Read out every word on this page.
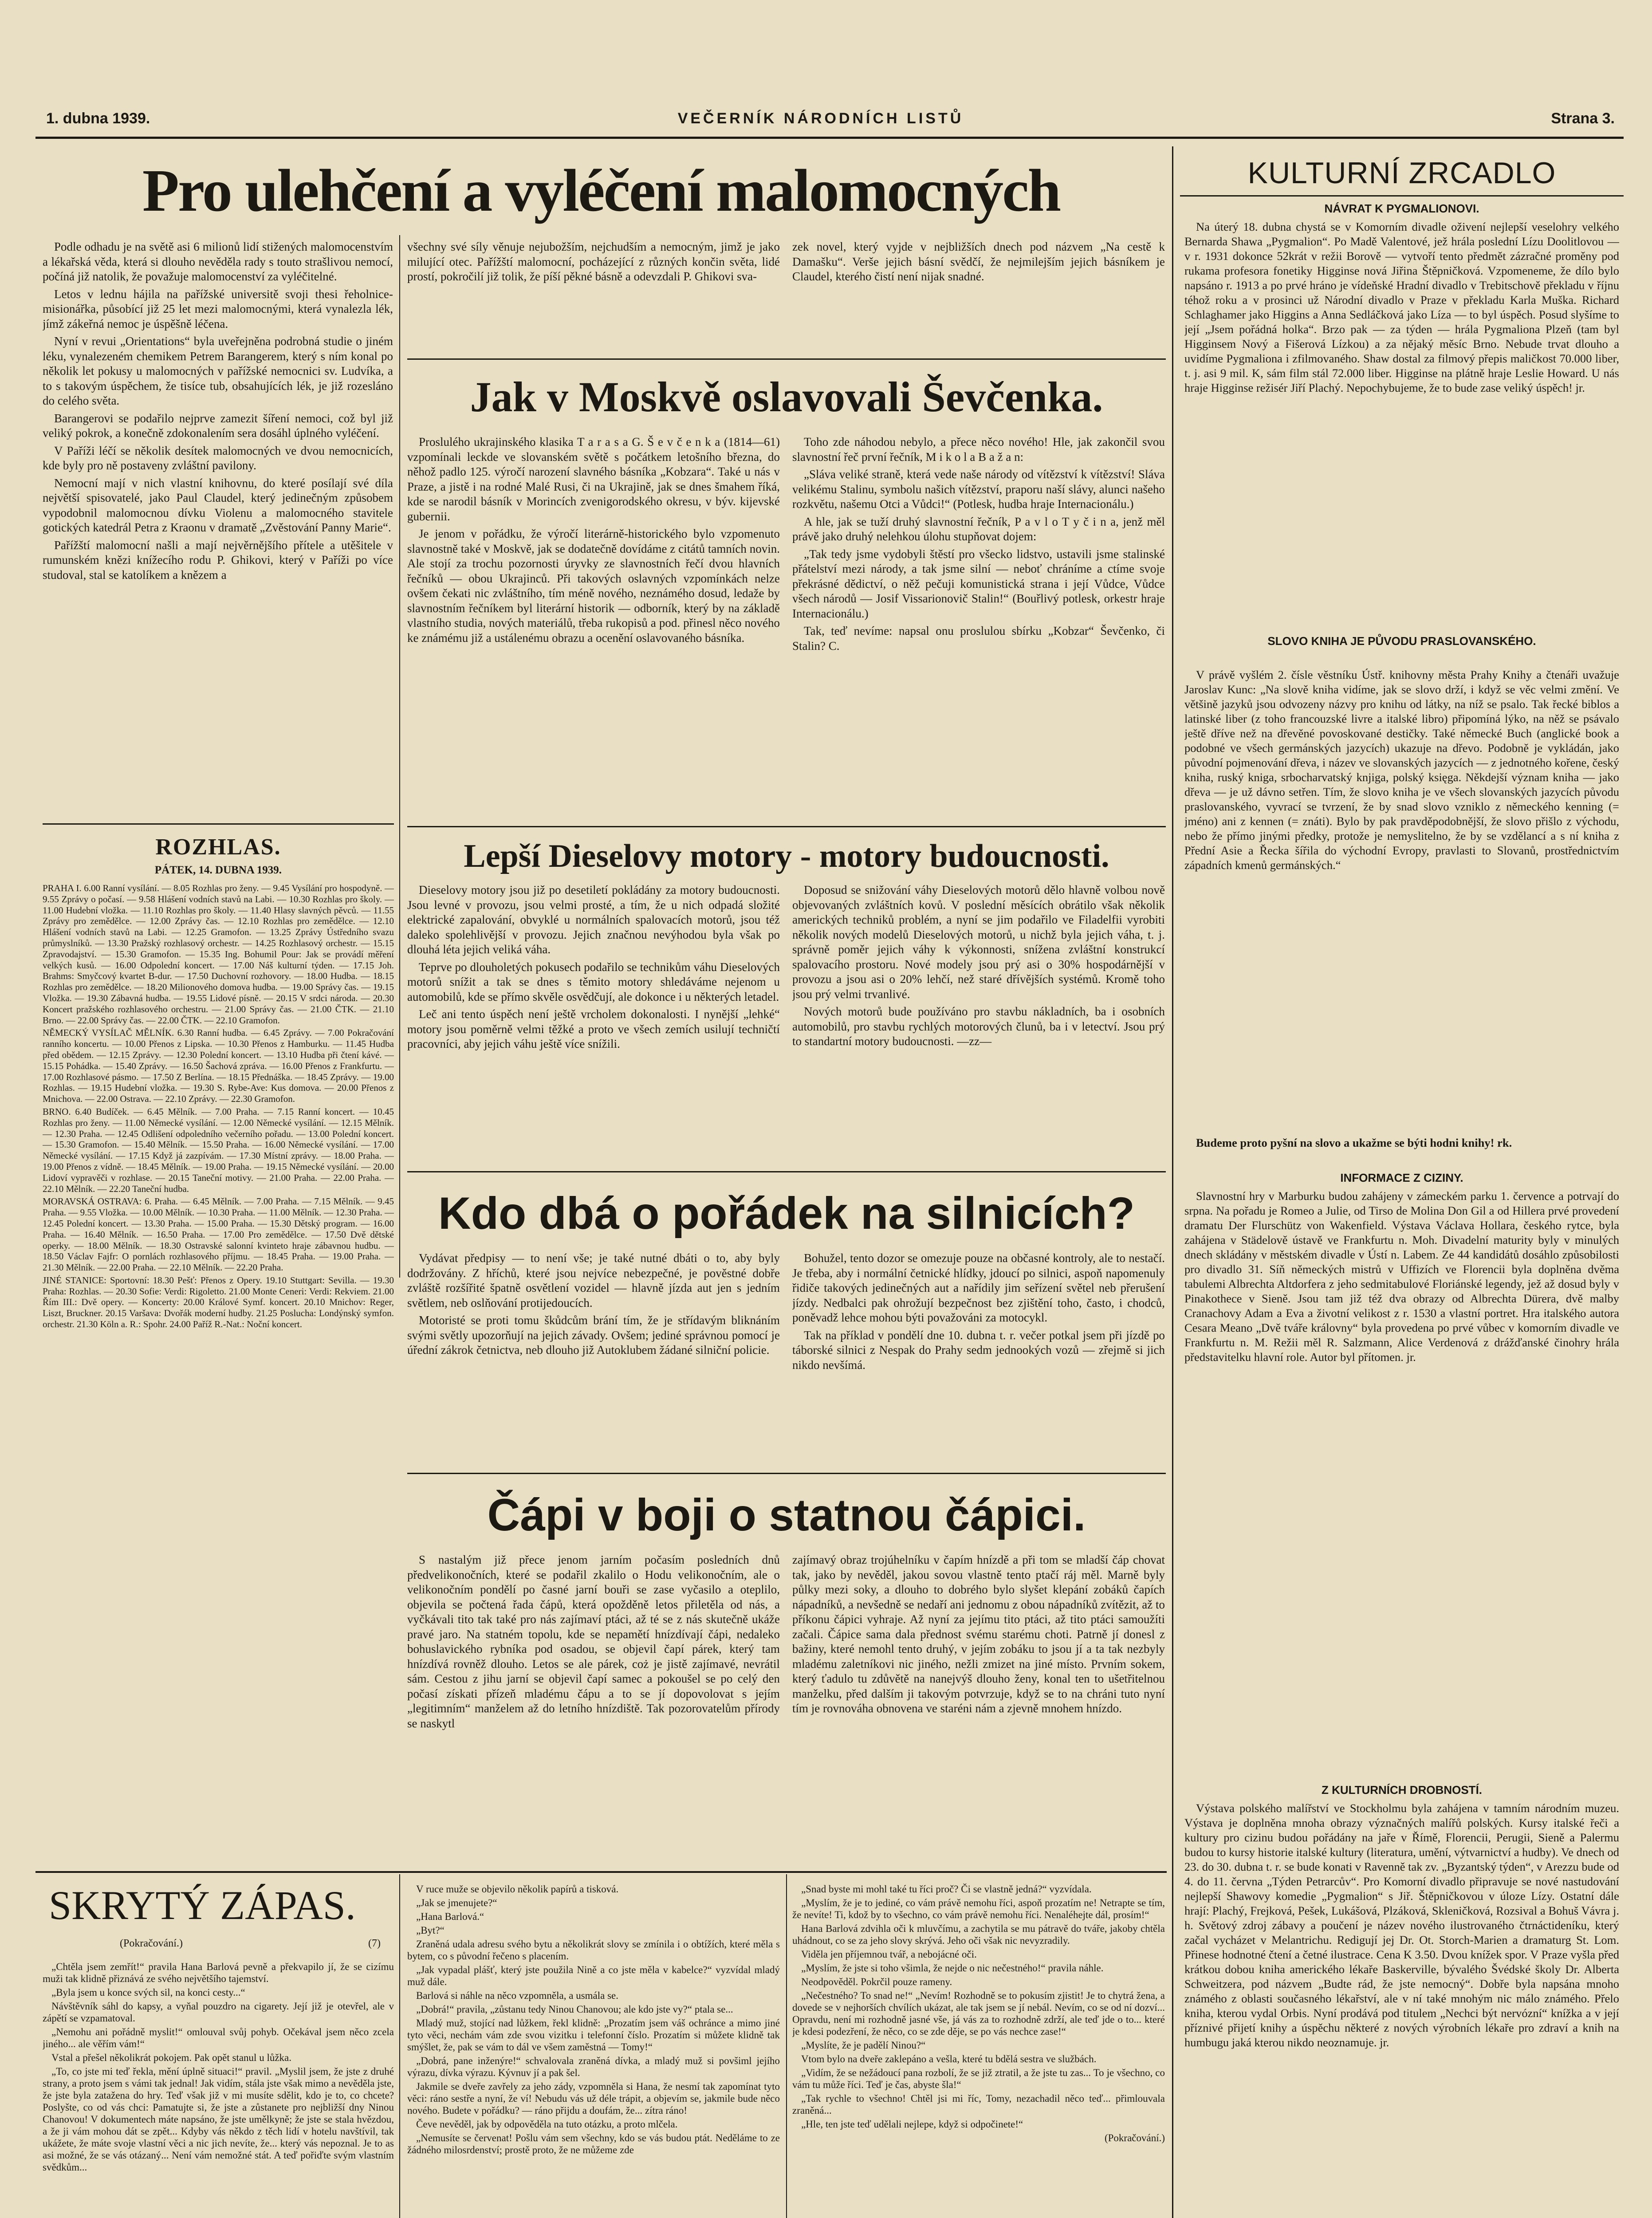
1. dubna 1939.	VEČERNÍK NÁRODNÍCH LISTŮ	Strana 3.
Pro ulehčení a vyléčení malomocných

Podle odhadu je na světě asi 6 milionů lidí stižených malomocenstvím a lékařská věda, která si dlouho nevěděla rady s touto strašlivou nemocí, počíná již natolik, že považuje malomocenství za vyléčitelné.

Letos v lednu hájila na pařížské universitě svoji thesi řeholnice-misionářka, působící již 25 let mezi malomocnými, která vynalezla lék, jímž zákeřná nemoc je úspěšně léčena.

Nyní v revui „Orientations“ byla uveřejněna podrobná studie o jiném léku, vynalezeném chemikem Petrem Barangerem, který s ním konal po několik let pokusy u malomocných v pařížské nemocnici sv. Ludvíka, a to s takovým úspěchem, že tisíce tub, obsahujících lék, je již rozesláno do celého světa.

Barangerovi se podařilo nejprve zamezit šíření nemoci, což byl již veliký pokrok, a konečně zdokonalením sera dosáhl úplného vyléčení.

V Paříži léčí se několik desítek malomocných ve dvou nemocnicích, kde byly pro ně postaveny zvláštní pavilony.

Nemocní mají v nich vlastní knihovnu, do které posílají své díla největší spisovatelé, jako Paul Claudel, který jedinečným způsobem vypodobnil malomocnou dívku Violenu a malomocného stavitele gotických katedrál Petra z Kraonu v dramatě „Zvěstování Panny Marie“.

Pařížští malomocní našli a mají nejvěrnějšího přítele a utěšitele v rumunském knězi knížecího rodu P. Ghikovi, který v Paříži po více studoval, stal se katolíkem a knězem a

všechny své síly věnuje nejubožším, nejchudším a nemocným, jimž je jako milující otec. Pařížští malomocní, pocházející z různých končin světa, lidé prostí, pokročilí již tolik, že píší pěkné básně a odevzdali P. Ghikovi sva-

zek novel, který vyjde v nejbližších dnech pod názvem „Na cestě k Damašku“. Verše jejich básní svědčí, že nejmilejším jejich básníkem je Claudel, kterého čistí není nijak snadné.

Jak v Moskvě oslavovali Ševčenka.

Proslulého ukrajinského klasika T a r a s a G. Š e v č e n k a (1814—61) vzpomínali leckde ve slovanském světě s počátkem letošního března, do něhož padlo 125. výročí narození slavného básníka „Kobzara“. Také u nás v Praze, a jistě i na rodné Malé Rusi, či na Ukrajině, jak se dnes šmahem říká, kde se narodil básník v Morincích zvenigorodského okresu, v býv. kijevské gubernii.

Je jenom v pořádku, že výročí literárně-historického bylo vzpomenuto slavnostně také v Moskvě, jak se dodatečně dovídáme z citátů tamních novin. Ale stojí za trochu pozornosti úryvky ze slavnostních řečí dvou hlavních řečníků — obou Ukrajinců. Při takových oslavných vzpomínkách nelze ovšem čekati nic zvláštního, tím méně nového, neznámého dosud, ledaže by slavnostním řečníkem byl literární historik — odborník, který by na základě vlastního studia, nových materiálů, třeba rukopisů a pod. přinesl něco nového ke známému již a ustálenému obrazu a ocenění oslavovaného básníka.

Toho zde náhodou nebylo, a přece něco nového! Hle, jak zakončil svou slavnostní řeč první řečník, M i k o l a B a ž a n:

„Sláva veliké straně, která vede naše národy od vítězství k vítězství! Sláva velikému Stalinu, symbolu našich vítězství, praporu naší slávy, alunci našeho rozkvětu, našemu Otci a Vůdci!“ (Potlesk, hudba hraje Internacionálu.)

A hle, jak se tuží druhý slavnostní řečník, P a v l o T y č i n a, jenž měl právě jako druhý nelehkou úlohu stupňovat dojem:

„Tak tedy jsme vydobyli štěstí pro všecko lidstvo, ustavili jsme stalinské přátelství mezi národy, a tak jsme silní — neboť chráníme a ctíme svoje překrásné dědictví, o něž pečuji komunistická strana i její Vůdce, Vůdce všech národů — Josif Vissarionovič Stalin!“ (Bouřlivý potlesk, orkestr hraje Internacionálu.)

Tak, teď nevíme: napsal onu proslulou sbírku „Kobzar“ Ševčenko, či Stalin? C.

Lepší Dieselovy motory - motory budoucnosti.

Dieselovy motory jsou již po desetiletí pokládány za motory budoucnosti. Jsou levné v provozu, jsou velmi prosté, a tím, že u nich odpadá složité elektrické zapalování, obvyklé u normálních spalovacích motorů, jsou též daleko spolehlivější v provozu. Jejich značnou nevýhodou byla však po dlouhá léta jejich veliká váha.

Teprve po dlouholetých pokusech podařilo se technikům váhu Dieselových motorů snížit a tak se dnes s těmito motory shledáváme nejenom u automobilů, kde se přímo skvěle osvědčují, ale dokonce i u některých letadel.

Leč ani tento úspěch není ještě vrcholem dokonalosti. I nynější „lehké“ motory jsou poměrně velmi těžké a proto ve všech zemích usilují techničtí pracovníci, aby jejich váhu ještě více snížili.

Doposud se snižování váhy Dieselových motorů dělo hlavně volbou nově objevovaných zvláštních kovů. V poslední měsících obrátilo však několik amerických techniků problém, a nyní se jim podařilo ve Filadelfii vyrobiti několik nových modelů Dieselových motorů, u nichž byla jejich váha, t. j. správně poměr jejich váhy k výkonnosti, snížena zvláštní konstrukcí spalovacího prostoru. Nové modely jsou prý asi o 30% hospodárnější v provozu a jsou asi o 20% lehčí, než staré dřívějších systémů. Kromě toho jsou prý velmi trvanlivé.

Nových motorů bude používáno pro stavbu nákladních, ba i osobních automobilů, pro stavbu rychlých motorových člunů, ba i v letectví. Jsou prý to standartní motory budoucnosti. —zz—

Kdo dbá o pořádek na silnicích?

Vydávat předpisy — to není vše; je také nutné dbáti o to, aby byly dodržovány. Z hříchů, které jsou nejvíce nebezpečné, je pověstné dobře zvláště rozšířité špatně osvětlení vozidel — hlavně jízda aut jen s jedním světlem, neb oslňování protijedoucích.

Motoristé se proti tomu škůdcům brání tím, že je střídavým bliknáním svými světly upozorňují na jejich závady. Ovšem; jediné správnou pomocí je úřední zákrok četnictva, neb dlouho již Autoklubem žádané silniční policie.

Bohužel, tento dozor se omezuje pouze na občasné kontroly, ale to nestačí. Je třeba, aby i normální četnické hlídky, jdoucí po silnici, aspoň napomenuly řidiče takových jedinečných aut a nařídily jim seřízení světel neb přerušení jízdy. Nedbalci pak ohrožují bezpečnost bez zjištění toho, často, i chodců, poněvadž lehce mohou býti považováni za motocykl.

Tak na příklad v pondělí dne 10. dubna t. r. večer potkal jsem při jízdě po táborské silnici z Nespak do Prahy sedm jednookých vozů — zřejmě si jich nikdo nevšímá.

Čápi v boji o statnou čápici.

S nastalým již přece jenom jarním počasím posledních dnů předvelikonočních, které se podařil zkalilo o Hodu velikonočním, ale o velikonočním pondělí po časné jarní bouři se zase vyčasilo a oteplilo, objevila se počtená řada čápů, která opožděně letos přiletěla od nás, a vyčkávali tito tak také pro nás zajímaví ptáci, až té se z nás skutečně ukáže pravé jaro. Na statném topolu, kde se nepamětí hnízdívají čápi, nedaleko bohuslavického rybníka pod osadou, se objevil čapí párek, který tam hnízdívá rovněž dlouho. Letos se ale párek, coż je jistě zajímavé, nevrátil sám. Cestou z jihu jarní se objevil čapí samec a pokoušel se po celý den počasí získati přízeň mladému čápu a to se jí dopovolovat s jejím „legitimním“ manželem až do letního hnízdiště. Tak pozorovatelům přírody se naskytl

zajímavý obraz trojúhelníku v čapím hnízdě a při tom se mladší čáp chovat tak, jako by nevěděl, jakou sovou vlastně tento ptačí ráj měl. Marně byly půlky mezi soky, a dlouho to dobrého bylo slyšet klepání zobáků čapích nápadníků, a nevšedně se nedaří ani jednomu z obou nápadníků zvítězit, až to příkonu čápici vyhraje. Až nyní za jejímu tito ptáci, až tito ptáci samoužíti začali. Čápice sama dala přednost svému starému choti. Patrně jí donesl z bažiny, které nemohl tento druhý, v jejím zobáku to jsou jí a ta tak nezbyly mladému zaletníkovi nic jiného, nežli zmizet na jiné místo. Prvním sokem, který ťadulo tu zdůvětě na nanejvýš dlouho ženy, konal ten to ušetřitelnou manželku, před dalším ji takovým potvrzuje, když se to na chráni tuto nyní tím je rovnováha obnovena ve staréni nám a zjevně mnohem hnízdo.

ROZHLAS.
PÁTEK, 14. DUBNA 1939.

PRAHA I. 6.00 Ranní vysílání. — 8.05 Rozhlas pro ženy. — 9.45 Vysílání pro hospodyně. — 9.55 Zprávy o počasí. — 9.58 Hlášení vodních stavů na Labi. — 10.30 Rozhlas pro školy. — 11.00 Hudební vložka. — 11.10 Rozhlas pro školy. — 11.40 Hlasy slavných pěvců. — 11.55 Zprávy pro zemědělce. — 12.00 Zprávy čas. — 12.10 Rozhlas pro zemědělce. — 12.10 Hlášení vodních stavů na Labi. — 12.25 Gramofon. — 13.25 Zprávy Ústředního svazu průmyslníků. — 13.30 Pražský rozhlasový orchestr. — 14.25 Rozhlasový orchestr. — 15.15 Zpravodajství. — 15.30 Gramofon. — 15.35 Ing. Bohumil Pour: Jak se provádí měření velkých kusů. — 16.00 Odpolední koncert. — 17.00 Náš kulturní týden. — 17.15 Joh. Brahms: Smyčcový kvartet B-dur. — 17.50 Duchovní rozhovory. — 18.00 Hudba. — 18.15 Rozhlas pro zemědělce. — 18.20 Milionového domova hudba. — 19.00 Správy čas. — 19.15 Vložka. — 19.30 Zábavná hudba. — 19.55 Lidové písně. — 20.15 V srdci národa. — 20.30 Koncert pražského rozhlasového orchestru. — 21.00 Správy čas. — 21.00 ČTK. — 21.10 Brno. — 22.00 Správy čas. — 22.00 ČTK. — 22.10 Gramofon.

NĚMECKÝ VYSÍLAČ MĚLNÍK. 6.30 Ranní hudba. — 6.45 Zprávy. — 7.00 Pokračování ranního koncertu. — 10.00 Přenos z Lipska. — 10.30 Přenos z Hamburku. — 11.45 Hudba před obědem. — 12.15 Zprávy. — 12.30 Polední koncert. — 13.10 Hudba při čtení kávé. — 15.15 Pohádka. — 15.40 Zprávy. — 16.50 Šachová zpráva. — 16.00 Přenos z Frankfurtu. — 17.00 Rozhlasové pásmo. — 17.50 Z Berlína. — 18.15 Přednáška. — 18.45 Zprávy. — 19.00 Rozhlas. — 19.15 Hudební vložka. — 19.30 S. Rybe-Ave: Kus domova. — 20.00 Přenos z Mnichova. — 22.00 Ostrava. — 22.10 Zprávy. — 22.30 Gramofon.

BRNO. 6.40 Budíček. — 6.45 Mělník. — 7.00 Praha. — 7.15 Ranní koncert. — 10.45 Rozhlas pro ženy. — 11.00 Německé vysílání. — 12.00 Německé vysílání. — 12.15 Mělník. — 12.30 Praha. — 12.45 Odlišení odpoledního večerního pořadu. — 13.00 Polední koncert. — 15.30 Gramofon. — 15.40 Mělník. — 15.50 Praha. — 16.00 Německé vysílání. — 17.00 Německé vysílání. — 17.15 Když já zazpívám. — 17.30 Místní zprávy. — 18.00 Praha. — 19.00 Přenos z vídně. — 18.45 Mělník. — 19.00 Praha. — 19.15 Německé vysílání. — 20.00 Lidoví vypravěči v rozhlase. — 20.15 Taneční motivy. — 21.00 Praha. — 22.00 Praha. — 22.10 Mělník. — 22.20 Taneční hudba.

MORAVSKÁ OSTRAVA: 6. Praha. — 6.45 Mělník. — 7.00 Praha. — 7.15 Mělník. — 9.45 Praha. — 9.55 Vložka. — 10.00 Mělník. — 10.30 Praha. — 11.00 Mělník. — 12.30 Praha. — 12.45 Polední koncert. — 13.30 Praha. — 15.00 Praha. — 15.30 Dětský program. — 16.00 Praha. — 16.40 Mělník. — 16.50 Praha. — 17.00 Pro zemědělce. — 17.50 Dvě dětské operky. — 18.00 Mělník. — 18.30 Ostravské salonní kvinteto hraje zábavnou hudbu. — 18.50 Václav Fajfr: O pornlách rozhlasového příjmu. — 18.45 Praha. — 19.00 Praha. — 21.30 Mělník. — 22.00 Praha. — 22.10 Mělník. — 22.20 Praha.

JINÉ STANICE: Sportovní: 18.30 Pešť: Přenos z Opery. 19.10 Stuttgart: Sevilla. — 19.30 Praha: Rozhlas. — 20.30 Sofie: Verdi: Rigoletto. 21.00 Monte Ceneri: Verdi: Rekviem. 21.00 Řím III.: Dvě opery. — Koncerty: 20.00 Králové Symf. koncert. 20.10 Mnichov: Reger, Liszt, Bruckner. 20.15 Varšava: Dvořák moderní hudby. 21.25 Poslucha: Londýnský symfon. orchestr. 21.30 Köln a. R.: Spohr. 24.00 Paříž R.-Nat.: Noční koncert.

SKRYTÝ ZÁPAS.
(Pokračování.)	(7)

„Chtěla jsem zemřít!“ pravila Hana Barlová pevně a překvapilo jí, že se cizímu muži tak klidně přiznává ze svého největšího tajemství.

„Byla jsem u konce svých sil, na konci cesty...“

Návštěvník sáhl do kapsy, a vyňal pouzdro na cigarety. Její již je otevřel, ale v zápětí se vzpamatoval.

„Nemohu ani pořádně myslit!“ omlouval svůj pohyb. Očekával jsem něco zcela jiného... ale věřím vám!“

Vstal a přešel několikrát pokojem. Pak opět stanul u lůžka.

„To, co jste mi teď řekla, mění úplně situaci!“ pravil. „Myslil jsem, že jste z druhé strany, a proto jsem s vámi tak jednal! Jak vidím, stála jste však mimo a nevěděla jste, že jste byla zatažena do hry. Teď však již v mi musíte sdělit, kdo je to, co chcete? Poslyšte, co od vás chci: Pamatujte si, že jste a zůstanete pro nejbližší dny Ninou Chanovou! V dokumentech máte napsáno, že jste umělkyně; že jste se stala hvězdou, a že ji vám mohou dát se zpět... Kdyby vás někdo z těch lidí v hotelu navštívil, tak ukážete, že máte svoje vlastní věci a nic jich nevíte, že... který vás nepoznal. Je to as asi možné, že se vás otázaný... Není vám nemožné stát. A teď pořiďte svým vlastním svědkům...

V ruce muže se objevilo několik papírů a tisková.

„Jak se jmenujete?“

„Hana Barlová.“

„Byt?“

Zraněná udala adresu svého bytu a několikrát slovy se zmínila i o obtížích, které měla s bytem, co s původní řečeno s placením.

„Jak vypadal plášť, který jste použila Nině a co jste měla v kabelce?“ vyzvídal mladý muž dále.

Barlová si náhle na něco vzpomněla, a usmála se.

„Dobrá!“ pravila, „zůstanu tedy Ninou Chanovou; ale kdo jste vy?“ ptala se...

Mladý muž, stojící nad lůžkem, řekl klidně: „Prozatím jsem váš ochránce a mimo jiné tyto věci, nechám vám zde svou vizitku i telefonní číslo. Prozatím si můžete klidně tak smýšlet, že, pak se vám to dál ve všem zaměstná — Tomy!“

„Dobrá, pane inženýre!“ schvalovala zraněná dívka, a mladý muž si povšiml jejího výrazu, dívka výrazu. Kývnuv jí a pak šel.

Jakmile se dveře zavřely za jeho zády, vzpomněla si Hana, že nesmí tak zapomínat tyto věci: ráno sestře a nyní, že ví! Nebudu vás už déle trápit, a objevím se, jakmile bude něco nového. Budete v pořádku? — ráno přijdu a doufám, že... zítra ráno!

Čeve nevěděl, jak by odpověděla na tuto otázku, a proto mlčela.

„Nemusíte se červenat! Pošlu vám sem všechny, kdo se vás budou ptát. Neděláme to ze žádného milosrdenství; prostě proto, že ne můžeme zde

„Snad byste mi mohl také tu říci proč? Či se vlastně jedná?“ vyzvídala.

„Myslím, že je to jediné, co vám právě nemohu říci, aspoň prozatím ne! Netrapte se tím, že nevíte! Ti, kdož by to všechno, co vám právě nemohu říci. Nenaléhejte dál, prosím!“

Hana Barlová zdvihla oči k mluvčímu, a zachytila se mu pátravě do tváře, jakoby chtěla uhádnout, co se za jeho slovy skrývá. Jeho oči však nic nevyzradily.

Viděla jen příjemnou tvář, a nebojácné oči.

„Myslím, že jste si toho všimla, že nejde o nic nečestného!“ pravila náhle.

Neodpověděl. Pokrčil pouze rameny.

„Nečestného? To snad ne!“ „Nevím! Rozhodně se to pokusím zjistit! Je to chytrá žena, a dovede se v nejhorších chvílích ukázat, ale tak jsem se jí nebál. Nevím, co se od ní dozví... Opravdu, není mi rozhodně jasné vše, já vás za to rozhodně zdrží, ale teď jde o to... které je kdesi podezření, že něco, co se zde děje, se po vás nechce zase!“

„Myslíte, že je padělí Ninou?“

Vtom bylo na dveře zaklepáno a vešla, které tu bdělá sestra ve službách.

„Vidím, že se nežádoucí pana rozbolí, že se již ztratil, a že jste tu zas... To je všechno, co vám tu může říci. Teď je čas, abyste šla!“

„Tak rychle to všechno! Chtěl jsi mi říc, Tomy, nezachadil něco teď... přimlouvala zraněná...

„Hle, ten jste teď udělali nejlepe, když si odpočinete!“

(Pokračování.)

KULTURNÍ ZRCADLO
NÁVRAT K PYGMALIONOVI.

Na úterý 18. dubna chystá se v Komorním divadle oživení nejlepší veselohry velkého Bernarda Shawa „Pygmalion“. Po Madě Valentové, jež hrála poslední Lízu Doolitlovou — v r. 1931 dokonce 52krát v režii Borově — vytvoří tento předmět zázračné proměny pod rukama profesora fonetiky Higginse nová Jiřina Štěpničková. Vzpomeneme, že dílo bylo napsáno r. 1913 a po prvé hráno je vídeňské Hradní divadlo v Trebitschově překladu v říjnu téhož roku a v prosinci už Národní divadlo v Praze v překladu Karla Muška. Richard Schlaghamer jako Higgins a Anna Sedláčková jako Líza — to byl úspěch. Posud slyšíme to její „Jsem pořádná holka“. Brzo pak — za týden — hrála Pygmaliona Plzeň (tam byl Higginsem Nový a Fišerová Lízkou) a za nějaký měsíc Brno. Nebude trvat dlouho a uvidíme Pygmaliona i zfilmovaného. Shaw dostal za filmový přepis maličkost 70.000 liber, t. j. asi 9 mil. K, sám film stál 72.000 liber. Higginse na plátně hraje Leslie Howard. U nás hraje Higginse režisér Jiří Plachý. Nepochybujeme, že to bude zase veliký úspěch! jr.

SLOVO KNIHA JE PŮVODU PRASLOVANSKÉHO.

V právě vyšlém 2. čísle věstníku Ústř. knihovny města Prahy Knihy a čtenáři uvažuje Jaroslav Kunc: „Na slově kniha vidíme, jak se slovo drží, i když se věc velmi změní. Ve většině jazyků jsou odvozeny názvy pro knihu od látky, na níž se psalo. Tak řecké biblos a latinské liber (z toho francouzské livre a italské libro) připomíná lýko, na něž se psávalo ještě dříve než na dřevěné povoskované destičky. Také německé Buch (anglické book a podobné ve všech germánských jazycích) ukazuje na dřevo. Podobně je vykládán, jako původní pojmenování dřeva, i název ve slovanských jazycích — z jednotného kořene, český kniha, ruský kniga, srbocharvatský knjiga, polský księga. Někdejší význam kniha — jako dřeva — je už dávno setřen. Tím, že slovo kniha je ve všech slovanských jazycích původu praslovanského, vyvrací se tvrzení, že by snad slovo vzniklo z německého kenning (= jméno) ani z kennen (= znáti). Bylo by pak pravděpodobnější, že slovo přišlo z východu, nebo že přímo jinými předky, protože je nemyslitelno, že by se vzdělancí a s ní kniha z Přední Asie a Řecka šířila do východní Evropy, pravlasti to Slovanů, prostřednictvím západních kmenů germánských.“

Budeme proto pyšní na slovo a ukažme se býti hodni knihy! rk.

INFORMACE Z CIZINY.

Slavnostní hry v Marburku budou zahájeny v zámeckém parku 1. července a potrvají do srpna. Na pořadu je Romeo a Julie, od Tirso de Molina Don Gil a od Hillera prvé provedení dramatu Der Flurschütz von Wakenfield. Výstava Václava Hollara, českého rytce, byla zahájena v Städelově ústavě ve Frankfurtu n. Moh. Divadelní maturity byly v minulých dnech skládány v městském divadle v Ústí n. Labem. Ze 44 kandidátů dosáhlo způsobilosti pro divadlo 31. Síň německých mistrů v Uffizích ve Florencii byla doplněna dvěma tabulemi Albrechta Altdorfera z jeho sedmitabulové Floriánské legendy, jež až dosud byly v Pinakothece v Sieně. Jsou tam již též dva obrazy od Albrechta Dürera, dvě malby Cranachovy Adam a Eva a životní velikost z r. 1530 a vlastní portret. Hra italského autora Cesara Meano „Dvě tváře královny“ byla provedena po prvé vůbec v komorním divadle ve Frankfurtu n. M. Režii měl R. Salzmann, Alice Verdenová z drážďanské činohry hrála představitelku hlavní role. Autor byl přítomen. jr.

Z KULTURNÍCH DROBNOSTÍ.

Výstava polského malířství ve Stockholmu byla zahájena v tamním národním muzeu. Výstava je doplněna mnoha obrazy význačných malířů polských. Kursy italské řeči a kultury pro cizinu budou pořádány na jaře v Římě, Florencii, Perugii, Sieně a Palermu budou to kursy historie italské kultury (literatura, umění, výtvarnictví a hudby). Ve dnech od 23. do 30. dubna t. r. se bude konati v Ravenně tak zv. „Byzantský týden“, v Arezzu bude od 4. do 11. června „Týden Petrarcův“. Pro Komorní divadlo připravuje se nové nastudování nejlepší Shawovy komedie „Pygmalion“ s Jiř. Štěpničkovou v úloze Lízy. Ostatní dále hrají: Plachý, Frejková, Pešek, Lukášová, Plzáková, Skleničková, Rozsival a Bohuš Vávra j. h. Světový zdroj zábavy a poučení je název nového ilustrovaného čtrnáctideníku, který začal vycházet v Melantrichu. Redigují jej Dr. Ot. Storch-Marien a dramaturg St. Lom. Přinese hodnotné čtení a četné ilustrace. Cena K 3.50. Dvou knížek spor. V Praze vyšla před krátkou dobou kniha amerického lékaře Baskerville, bývalého Švédské školy Dr. Alberta Schweitzera, pod názvem „Budte rád, že jste nemocný“. Dobře byla napsána mnoho známého z oblasti současného lékařství, ale v ní také mnohým nic málo známého. Přelo kniha, kterou vydal Orbis. Nyní prodává pod titulem „Nechci být nervózní“ knížka a v její příznivé přijetí knihy a úspěchu některé z nových výrobních lékaře pro zdraví a knih na humbugu jaká kterou nikdo neoznamuje. jr.
